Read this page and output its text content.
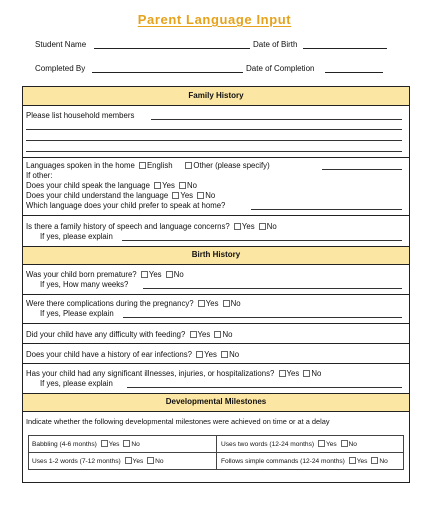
Parent Language Input
Student Name	Date of Birth
Completed By	Date of Completion
Family History
Please list household members
Languages spoken in the home English	Other (please specify)
If other:
Does your child speak the language Yes No
Does your child understand the language Yes No
Which language does your child prefer to speak at home?
Is there a family history of speech and language concerns? Yes No
If yes, please explain
Birth History
Was your child born premature? Yes No
If yes, How many weeks?
Were there complications during the pregnancy? Yes No
If yes, Please explain
Did your child have any difficulty with feeding? Yes No
Does your child have a history of ear infections? Yes No
Has your child had any significant illnesses, injuries, or hospitalizations? Yes No
If yes, please explain
Developmental Milestones
Indicate whether the following developmental milestones were achieved on time or at a delay
Babbling (4-6 months) Yes No	Uses two words (12-24 months) Yes No
Uses 1-2 words (7-12 months) Yes No	Follows simple commands (12-24 months) Yes No
